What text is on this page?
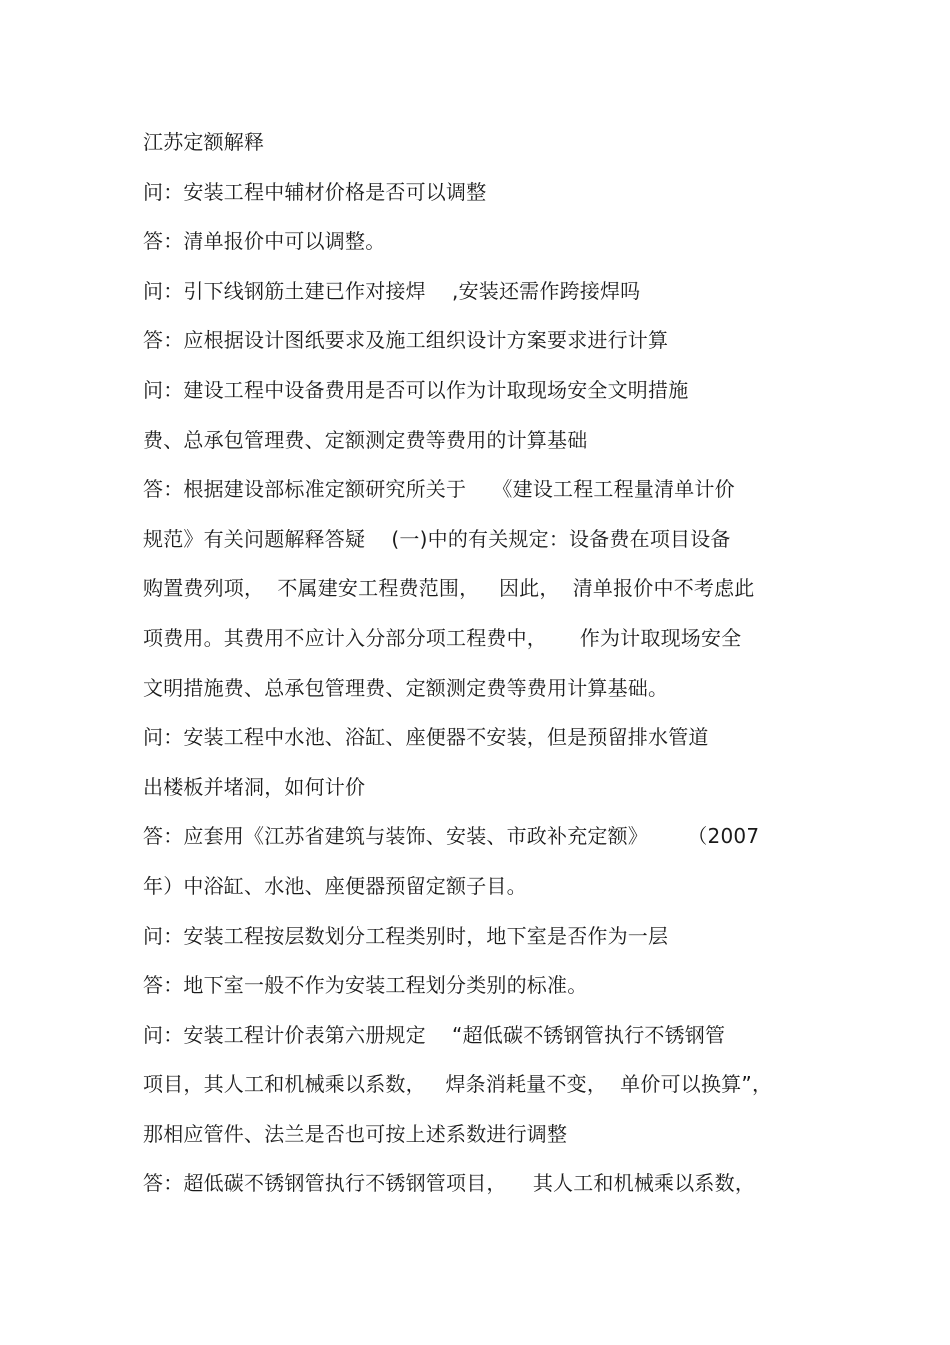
江苏定额解释
问：安装工程中辅材价格是否可以调整
答：清单报价中可以调整。
问：引下线钢筋土建已作对接焊    ,安装还需作跨接焊吗
答：应根据设计图纸要求及施工组织设计方案要求进行计算
问：建设工程中设备费用是否可以作为计取现场安全文明措施
费、总承包管理费、定额测定费等费用的计算基础
答：根据建设部标准定额研究所关于    《建设工程工程量清单计价
规范》有关问题解释答疑    (一)中的有关规定：设备费在项目设备
购置费列项，  不属建安工程费范围，   因此，  清单报价中不考虑此
项费用。其费用不应计入分部分项工程费中，     作为计取现场安全
文明措施费、总承包管理费、定额测定费等费用计算基础。
问：安装工程中水池、浴缸、座便器不安装，但是预留排水管道
出楼板并堵洞，如何计价
答：应套用《江苏省建筑与装饰、安装、市政补充定额》      （2007
年）中浴缸、水池、座便器预留定额子目。
问：安装工程按层数划分工程类别时，地下室是否作为一层
答：地下室一般不作为安装工程划分类别的标准。
问：安装工程计价表第六册规定    “超低碳不锈钢管执行不锈钢管
项目，其人工和机械乘以系数，   焊条消耗量不变，  单价可以换算”，
那相应管件、法兰是否也可按上述系数进行调整
答：超低碳不锈钢管执行不锈钢管项目，    其人工和机械乘以系数，
